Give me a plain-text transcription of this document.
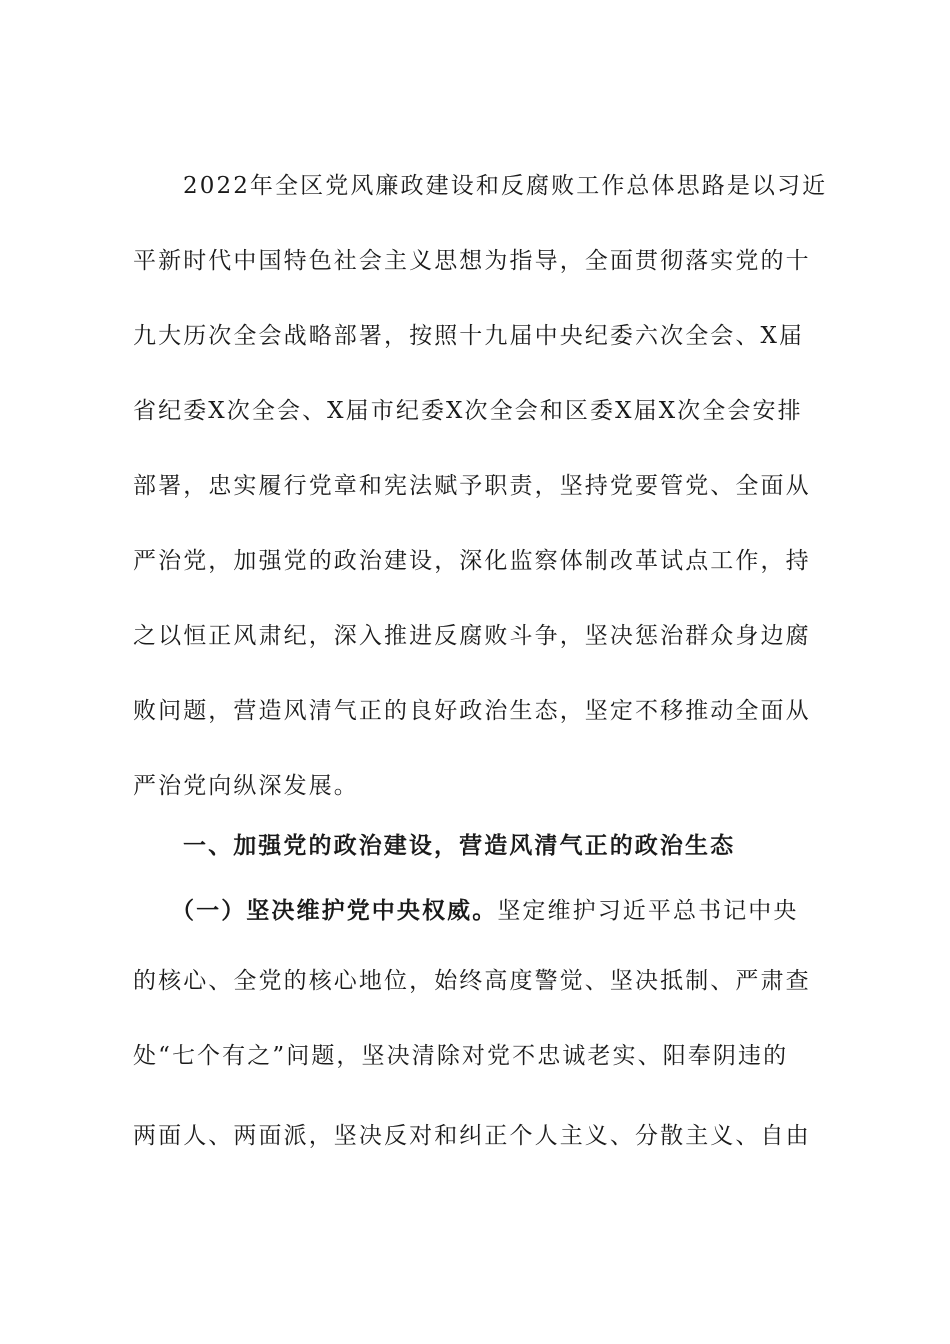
2022年全区党风廉政建设和反腐败工作总体思路是以习近
平新时代中国特色社会主义思想为指导，全面贯彻落实党的十
九大历次全会战略部署，按照十九届中央纪委六次全会、X届
省纪委X次全会、X届市纪委X次全会和区委X届X次全会安排
部署，忠实履行党章和宪法赋予职责，坚持党要管党、全面从
严治党，加强党的政治建设，深化监察体制改革试点工作，持
之以恒正风肃纪，深入推进反腐败斗争，坚决惩治群众身边腐
败问题，营造风清气正的良好政治生态，坚定不移推动全面从
严治党向纵深发展。
一、加强党的政治建设，营造风清气正的政治生态
（一）坚决维护党中央权威。坚定维护习近平总书记中央
的核心、全党的核心地位，始终高度警觉、坚决抵制、严肃查
处“七个有之”问题，坚决清除对党不忠诚老实、阳奉阴违的
两面人、两面派，坚决反对和纠正个人主义、分散主义、自由
